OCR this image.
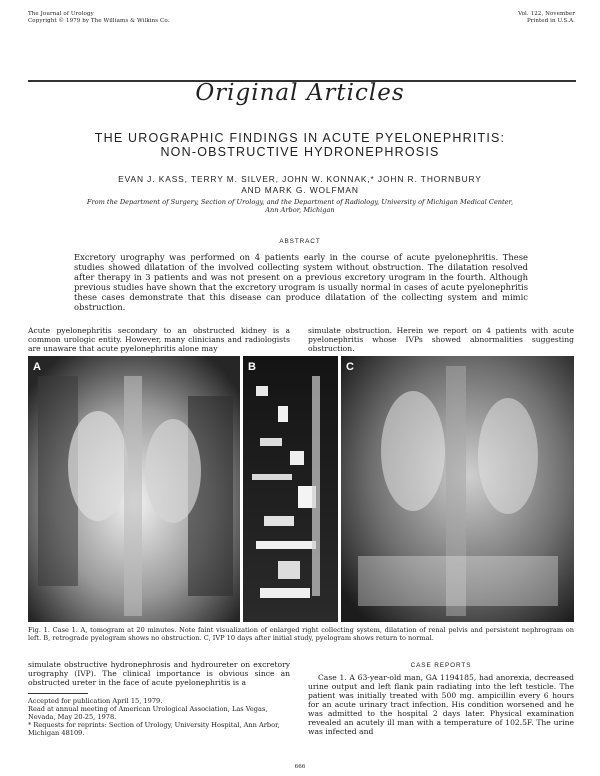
The Journal of Urology
Copyright © 1979 by The Williams & Wilkins Co.
Vol. 122, November
Printed in U.S.A.
Original Articles
THE UROGRAPHIC FINDINGS IN ACUTE PYELONEPHRITIS:
NON-OBSTRUCTIVE HYDRONEPHROSIS
EVAN J. KASS, TERRY M. SILVER, JOHN W. KONNAK,* JOHN R. THORNBURY
AND MARK G. WOLFMAN
From the Department of Surgery, Section of Urology, and the Department of Radiology, University of Michigan Medical Center,
Ann Arbor, Michigan
ABSTRACT
Excretory urography was performed on 4 patients early in the course of acute pyelonephritis. These studies showed dilatation of the involved collecting system without obstruction. The dilatation resolved after therapy in 3 patients and was not present on a previous excretory urogram in the fourth. Although previous studies have shown that the excretory urogram is usually normal in cases of acute pyelonephritis these cases demonstrate that this disease can produce dilatation of the collecting system and mimic obstruction.
Acute pyelonephritis secondary to an obstructed kidney is a common urologic entity. However, many clinicians and radiologists are unaware that acute pyelonephritis alone may
simulate obstruction. Herein we report on 4 patients with acute pyelonephritis whose IVPs showed abnormalities suggesting obstruction.
A	B	C
Fig. 1. Case 1. A, tomogram at 20 minutes. Note faint visualization of enlarged right collecting system, dilatation of renal pelvis and persistent nephrogram on left. B, retrograde pyelogram shows no obstruction. C, IVP 10 days after initial study, pyelogram shows return to normal.
simulate obstructive hydronephrosis and hydroureter on excretory urography (IVP). The clinical importance is obvious since an obstructed ureter in the face of acute pyelonephritis is a
Accepted for publication April 15, 1979.
Read at annual meeting of American Urological Association, Las Vegas, Nevada, May 20-25, 1978.
* Requests for reprints: Section of Urology, University Hospital, Ann Arbor, Michigan 48109.
CASE REPORTS
Case 1. A 63-year-old man, GA 1194185, had anorexia, decreased urine output and left flank pain radiating into the left testicle. The patient was initially treated with 500 mg. ampicillin every 6 hours for an acute urinary tract infection. His condition worsened and he was admitted to the hospital 2 days later. Physical examination revealed an acutely ill man with a temperature of 102.5F. The urine was infected and
666
